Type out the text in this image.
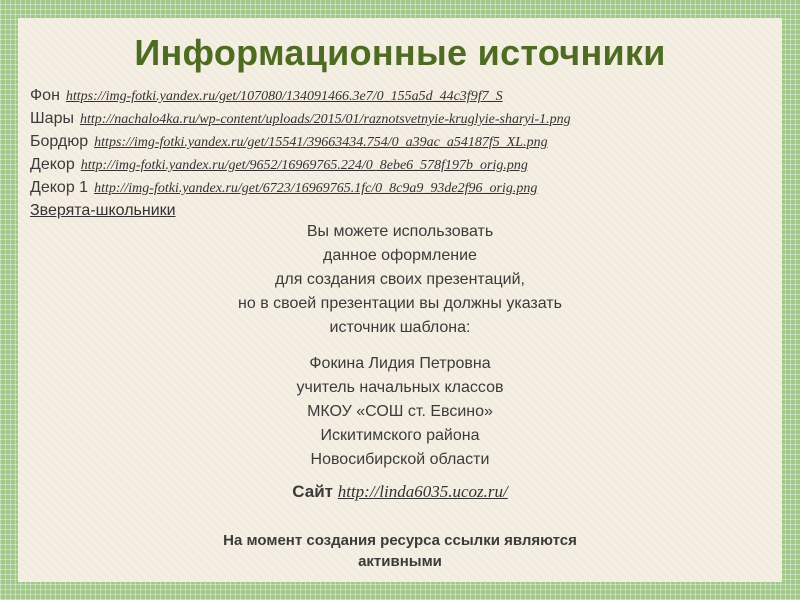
Информационные источники
Фон https://img-fotki.yandex.ru/get/107080/134091466.3e7/0_155a5d_44c3f9f7_S
Шары http://nachalo4ka.ru/wp-content/uploads/2015/01/raznotsvetnyie-kruglyie-sharyi-1.png
Бордюр https://img-fotki.yandex.ru/get/15541/39663434.754/0_a39ac_a54187f5_XL.png
Декор http://img-fotki.yandex.ru/get/9652/16969765.224/0_8ebe6_578f197b_orig.png
Декор 1 http://img-fotki.yandex.ru/get/6723/16969765.1fc/0_8c9a9_93de2f96_orig.png
Зверята-школьники
Вы можете использовать
данное оформление
для создания своих презентаций,
но в своей презентации вы должны указать
источник шаблона:
Фокина Лидия Петровна
учитель начальных классов
МКОУ «СОШ ст. Евсино»
Искитимского района
Новосибирской области
Сайт http://linda6035.ucoz.ru/
На момент создания ресурса ссылки являются
активными
